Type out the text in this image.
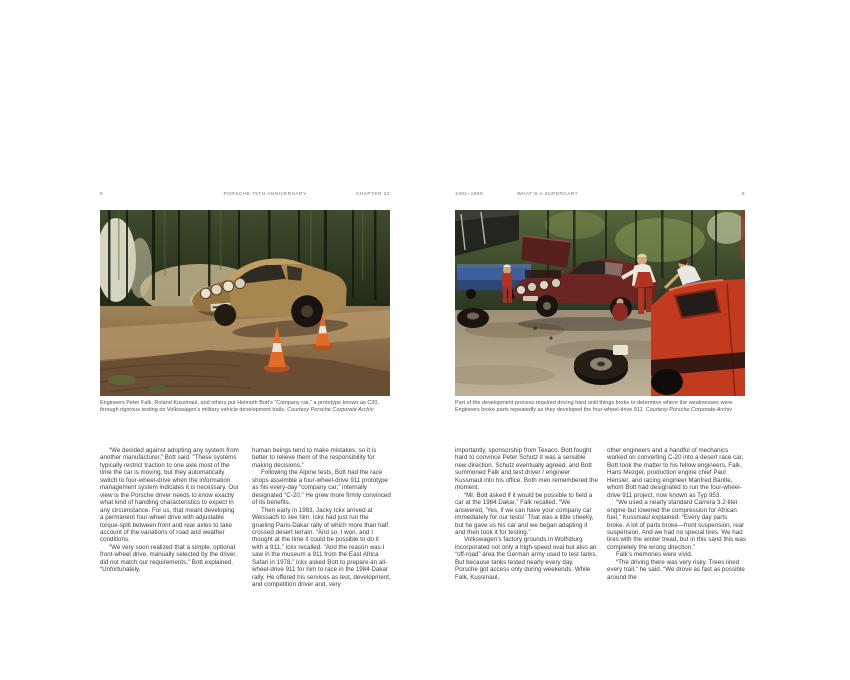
8	PORSCHE 75TH ANNIVERSARY	CHAPTER 22

Engineers Peter Falk, Roland Kussmaul, and others put Helmuth Bott’s “Company car,” a prototype known as C20, through rigorous testing on Volkswagen’s military vehicle development trails. Courtesy Porsche Corporate Archiv

“We decided against adopting any system from another manufacturer,” Bott said. “These systems typically restrict traction to one axle most of the time the car is moving, but they automatically switch to four-wheel-drive when the information management system indicates it is necessary. Our view is the Porsche driver needs to know exactly what kind of handling characteristics to expect in any circumstance. For us, that meant developing a permanent four-wheel drive with adjustable torque-split between front and rear axles to take account of the variations of road and weather conditions.

“We very soon realized that a simple, optional front-wheel drive, manually selected by the driver, did not match our requirements,” Bott explained. “Unfortunately,

human beings tend to make mistakes, so it is better to relieve them of the responsibility for making decisions.”

Following the Alpine tests, Bott had the race shops assemble a four-wheel-drive 911 prototype as his every-day “company car,” internally designated “C-20.” He grew more firmly convinced of its benefits.

Then early in 1983, Jacky Ickx arrived at Weissach to see him. Ickx had just run the grueling Paris-Dakar rally of which more than half crossed desert terrain. “And so, I won, and I thought at the time it could be possible to do it with a 911,” Ickx recalled. “And the reason was I saw in the museum a 911 from the East Africa Safari in 1978.” Ickx asked Bott to prepare an all-wheel-drive 911 for him to race in the 1984 Dakar rally. He offered his services as test, development, and competition driver and, very

1981–1998	WHAT’S A SUPERCAR?	9

Part of the development process required driving hard until things broke to determine where the weaknesses were. Engineers broke parts repeatedly as they developed the four-wheel-drive 911. Courtesy Porsche Corporate Archiv

importantly, sponsorship from Texaco. Bott fought hard to convince Peter Schutz it was a sensible new direction. Schutz eventually agreed, and Bott summoned Falk and test driver / engineer Kussmaul into his office. Both men remembered the moment.

“Mr. Bott asked if it would be possible to field a car at the 1984 Dakar,” Falk recalled. “We answered, ‘Yes, if we can have your company car immediately for our tests!’ That was a little cheeky, but he gave us his car and we began adapting it and then took it for testing.”

Volkswagen’s factory grounds in Wolfsburg incorporated not only a high-speed oval but also an “off-road” area the German army used to test tanks. But because tanks tested nearly every day, Porsche got access only during weekends. While Falk, Kussmaul,

other engineers and a handful of mechanics worked on converting C-20 into a desert race car, Bott took the matter to his fellow engineers, Falk, Hans Mezger, production engine chief Paul Hensler, and racing engineer Manfred Bantle, whom Bott had designated to run the four-wheel-drive 911 project, now known as Typ 953.

“We used a nearly standard Carrera 3.2-liter engine but lowered the compression for African fuel,” Kussmaul explained. “Every day parts broke. A lot of parts broke—front suspension, rear suspension. And we had no special tires. We had tires with the winter tread, but in this sand this was completely the wrong direction.”

Falk’s memories were vivid.

“The driving there was very risky. Trees lined every trail,” he said. “We drove as fast as possible around the
